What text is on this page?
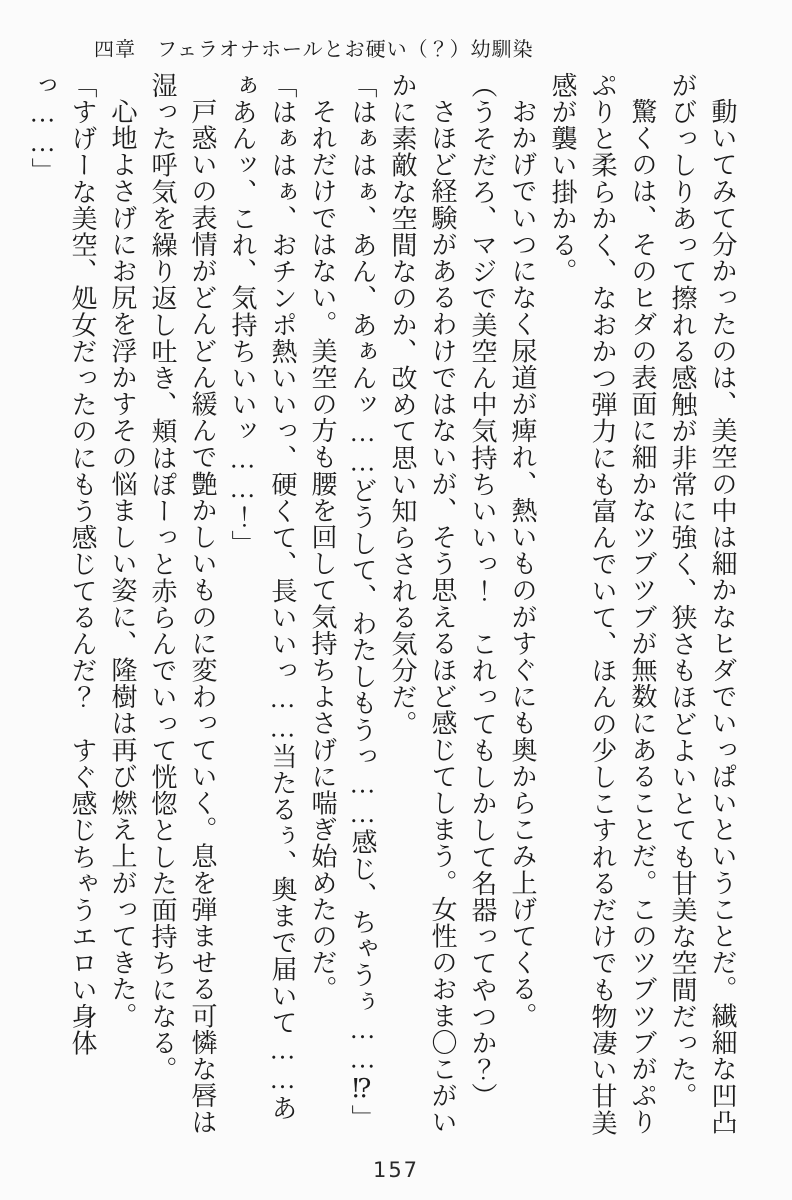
四章　フェラオナホールとお硬い（？）幼馴染

動いてみて分かったのは、美空の中は細かなヒダでいっぱいということだ。繊細な凹凸がびっしりあって擦れる感触が非常に強く、狭さもほどよいとても甘美な空間だった。

驚くのは、そのヒダの表面に細かなツブツブが無数にあることだ。このツブツブがぷりぷりと柔らかく、なおかつ弾力にも富んでいて、ほんの少しこすれるだけでも物凄い甘美感が襲い掛かる。

おかげでいつになく尿道が痺れ、熱いものがすぐにも奥からこみ上げてくる。

（うそだろ、マジで美空ん中気持ちいいっ！　これってもしかして名器ってやつか？）

さほど経験があるわけではないが、そう思えるほど感じてしまう。女性のおま〇こがいかに素敵な空間なのか、改めて思い知らされる気分だ。

「はぁはぁ、あん、あぁんッ……どうして、わたしもうっ……感じ、ちゃうぅ……⁉」

それだけではない。美空の方も腰を回して気持ちよさげに喘ぎ始めたのだ。

「はぁはぁ、おチンポ熱いいっ、硬くて、長いいっ……当たるぅ、奥まで届いて……あぁあんッ、これ、気持ちいいッ……！」

戸惑いの表情がどんどん緩んで艶かしいものに変わっていく。息を弾ませる可憐な唇は湿った呼気を繰り返し吐き、頬はぽーっと赤らんでいって恍惚とした面持ちになる。

心地よさげにお尻を浮かすその悩ましい姿に、隆樹は再び燃え上がってきた。

「すげーな美空、処女だったのにもう感じてるんだ？　すぐ感じちゃうエロい身体っ……」

157
